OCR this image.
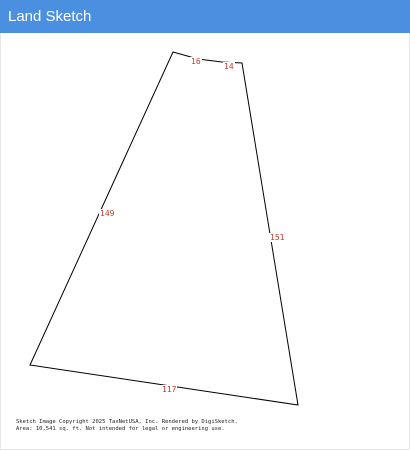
Land Sketch
16
14
149
151
117
Sketch Image Copyright 2025 TaxNetUSA, Inc. Rendered by DigiSketch.
Area: 10,541 sq. ft. Not intended for legal or engineering use.
